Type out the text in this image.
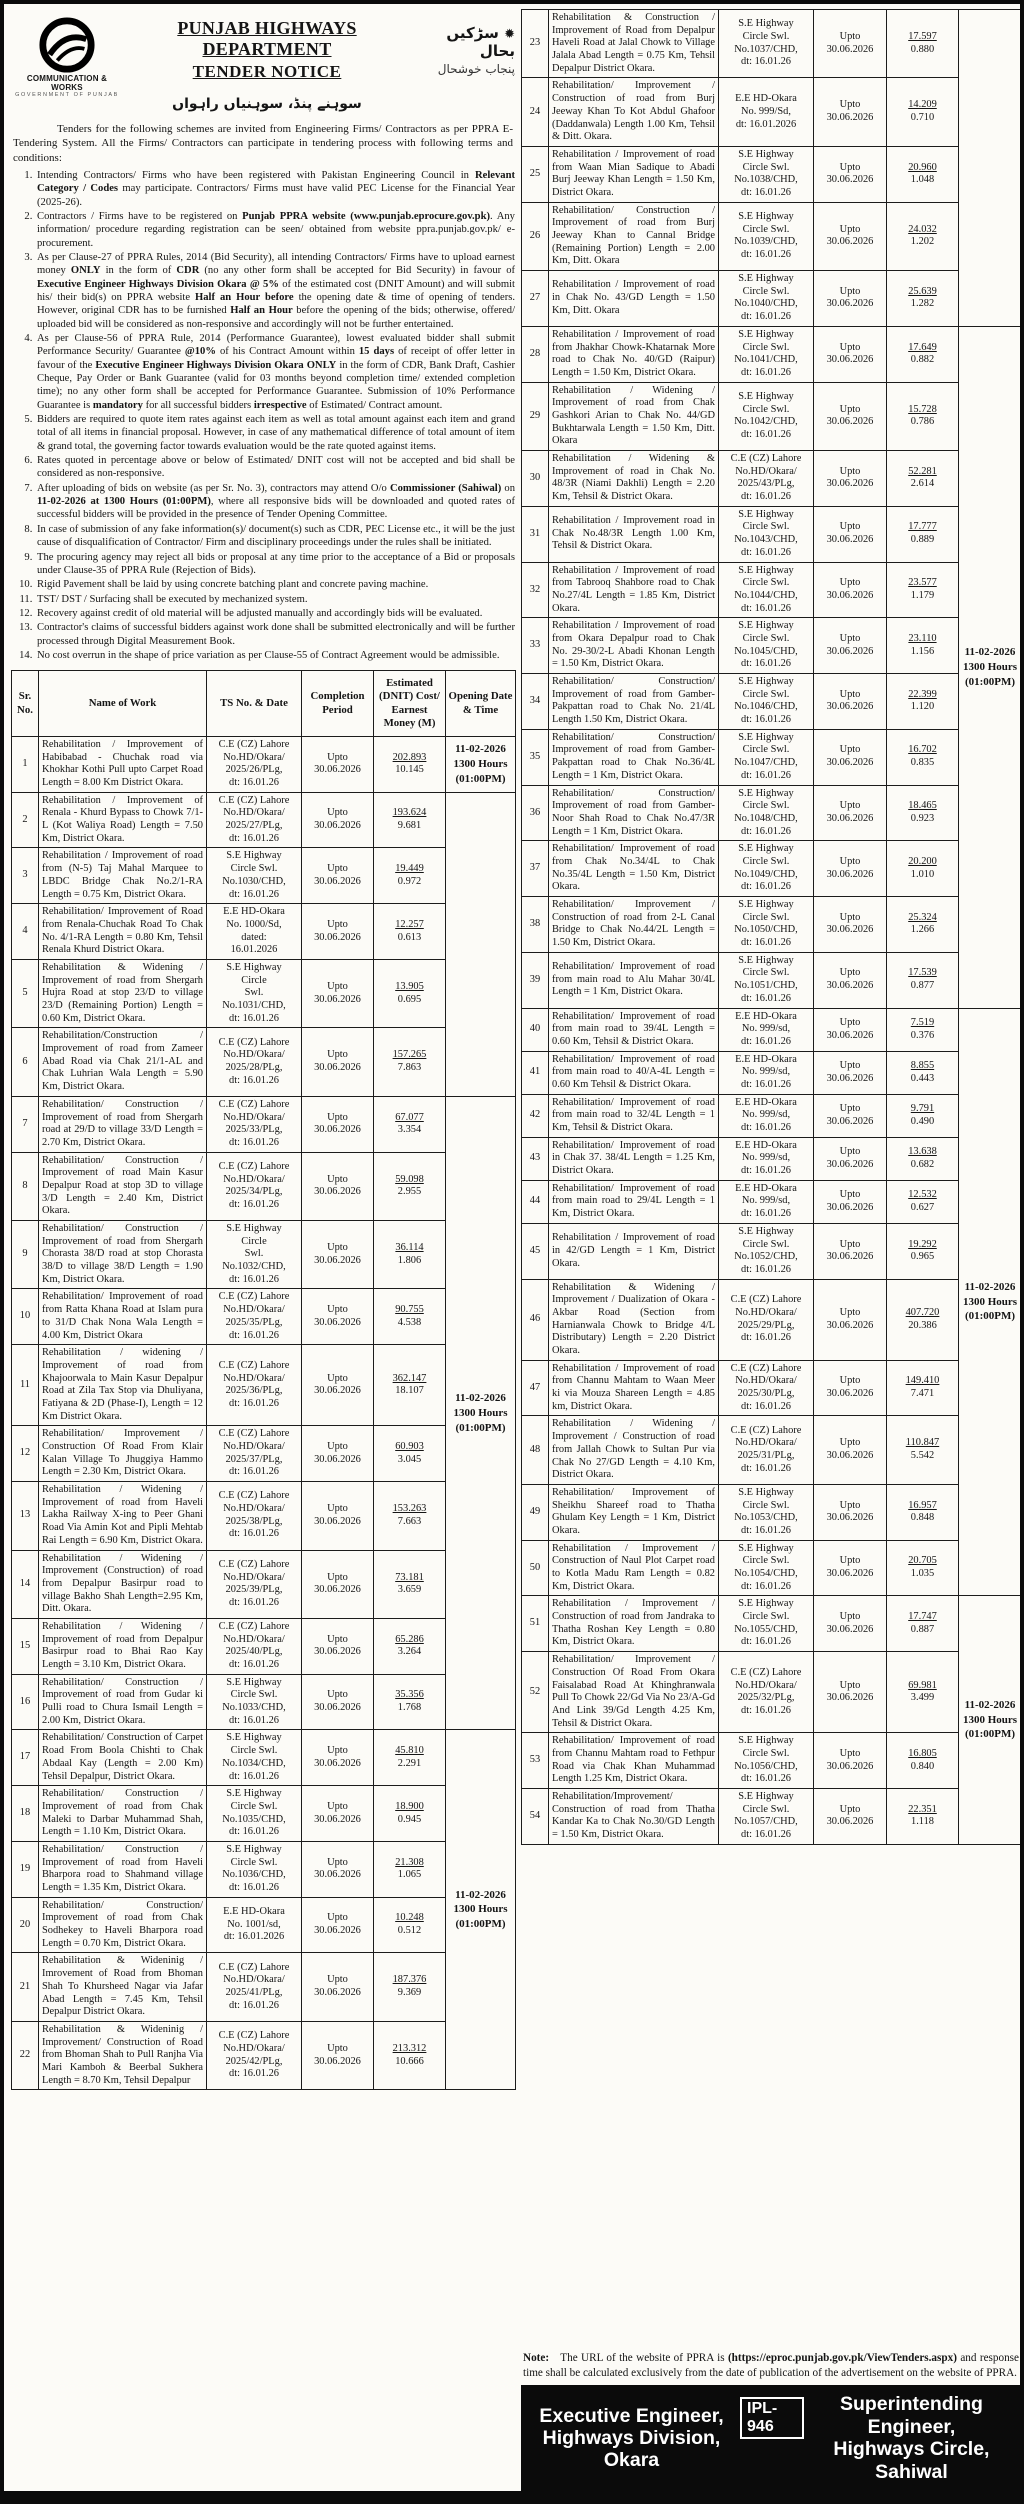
COMMUNICATION & WORKS
GOVERNMENT OF PUNJAB
PUNJAB HIGHWAYS DEPARTMENT
TENDER NOTICE
سوہنے پنڈ، سوہنیاں راہواں
✹ سڑکیں بحال
پنجاب خوشحال

Tenders for the following schemes are invited from Engineering Firms/ Contractors as per PPRA E-Tendering System. All the Firms/ Contractors can participate in tendering process with following terms and conditions:

1. Intending Contractors/ Firms who have been registered with Pakistan Engineering Council in Relevant Category / Codes may participate. Contractors/ Firms must have valid PEC License for the Financial Year (2025-26).
2. Contractors / Firms have to be registered on Punjab PPRA website (www.punjab.eprocure.gov.pk). Any information/ procedure regarding registration can be seen/ obtained from website ppra.punjab.gov.pk/ e-procurement.
3. As per Clause-27 of PPRA Rules, 2014 (Bid Security), all intending Contractors/ Firms have to upload earnest money ONLY in the form of CDR (no any other form shall be accepted for Bid Security) in favour of Executive Engineer Highways Division Okara @ 5% of the estimated cost (DNIT Amount) and will submit his/ their bid(s) on PPRA website Half an Hour before the opening date & time of opening of tenders. However, original CDR has to be furnished Half an Hour before the opening of the bids; otherwise, offered/ uploaded bid will be considered as non-responsive and accordingly will not be further entertained.
4. As per Clause-56 of PPRA Rule, 2014 (Performance Guarantee), lowest evaluated bidder shall submit Performance Security/ Guarantee @10% of his Contract Amount within 15 days of receipt of offer letter in favour of the Executive Engineer Highways Division Okara ONLY in the form of CDR, Bank Draft, Cashier Cheque, Pay Order or Bank Guarantee (valid for 03 months beyond completion time/ extended completion time); no any other form shall be accepted for Performance Guarantee. Submission of 10% Performance Guarantee is mandatory for all successful bidders irrespective of Estimated/ Contract amount.
5. Bidders are required to quote item rates against each item as well as total amount against each item and grand total of all items in financial proposal. However, in case of any mathematical difference of total amount of item & grand total, the governing factor towards evaluation would be the rate quoted against items.
6. Rates quoted in percentage above or below of Estimated/ DNIT cost will not be accepted and bid shall be considered as non-responsive.
7. After uploading of bids on website (as per Sr. No. 3), contractors may attend O/o Commissioner (Sahiwal) on 11-02-2026 at 1300 Hours (01:00PM), where all responsive bids will be downloaded and quoted rates of successful bidders will be provided in the presence of Tender Opening Committee.
8. In case of submission of any fake information(s)/ document(s) such as CDR, PEC License etc., it will be the just cause of disqualification of Contractor/ Firm and disciplinary proceedings under the rules shall be initiated.
9. The procuring agency may reject all bids or proposal at any time prior to the acceptance of a Bid or proposals under Clause-35 of PPRA Rule (Rejection of Bids).
10. Rigid Pavement shall be laid by using concrete batching plant and concrete paving machine.
11. TST/ DST / Surfacing shall be executed by mechanized system.
12. Recovery against credit of old material will be adjusted manually and accordingly bids will be evaluated.
13. Contractor's claims of successful bidders against work done shall be submitted electronically and will be further processed through Digital Measurement Book.
14. No cost overrun in the shape of price variation as per Clause-55 of Contract Agreement would be admissible.
Sr. No.	Name of Work	TS No. & Date	Completion Period	Estimated (DNIT) Cost/ Earnest Money (M)	Opening Date & Time
1	Rehabilitation / Improvement of Habibabad - Chuchak road via Khokhar Kothi Pull upto Carpet Road Length = 8.00 Km District Okara.	C.E (CZ) Lahore
No.HD/Okara/
2025/26/PLg,
dt: 16.01.26	Upto
30.06.2026	202.893
10.145	11-02-2026
1300 Hours
(01:00PM)
2	Rehabilitation / Improvement of Renala - Khurd Bypass to Chowk 7/1-L (Kot Waliya Road) Length = 7.50 Km, District Okara.	C.E (CZ) Lahore
No.HD/Okara/
2025/27/PLg,
dt: 16.01.26	Upto
30.06.2026	193.624
9.681	
3	Rehabilitation / Improvement of road from (N-5) Taj Mahal Marquee to LBDC Bridge Chak No.2/1-RA Length = 0.75 Km, District Okara.	S.E Highway
Circle Swl.
No.1030/CHD,
dt: 16.01.26	Upto
30.06.2026	19.449
0.972	
4	Rehabilitation/ Improvement of Road from Renala-Chuchak Road To Chak No. 4/1-RA Length = 0.80 Km, Tehsil Renala Khurd District Okara.	E.E HD-Okara
No. 1000/Sd,
dated:
16.01.2026	Upto
30.06.2026	12.257
0.613	
5	Rehabilitation & Widening / Improvement of road from Shergarh Hujra Road at stop 23/D to village 23/D (Remaining Portion) Length = 0.60 Km, District Okara.	S.E Highway
Circle
Swl.
No.1031/CHD,
dt: 16.01.26	Upto
30.06.2026	13.905
0.695	
6	Rehabilitation/Construction / Improvement of road from Zameer Abad Road via Chak 21/1-AL and Chak Luhrian Wala Length = 5.90 Km, District Okara.	C.E (CZ) Lahore
No.HD/Okara/
2025/28/PLg,
dt: 16.01.26	Upto
30.06.2026	157.265
7.863	
7	Rehabilitation/ Construction / Improvement of road from Shergarh road at 29/D to village 33/D Length = 2.70 Km, District Okara.	C.E (CZ) Lahore
No.HD/Okara/
2025/33/PLg,
dt: 16.01.26	Upto
30.06.2026	67.077
3.354	11-02-2026
1300 Hours
(01:00PM)
8	Rehabilitation/ Construction / Improvement of road Main Kasur Depalpur Road at stop 3D to village 3/D Length = 2.40 Km, District Okara.	C.E (CZ) Lahore
No.HD/Okara/
2025/34/PLg,
dt: 16.01.26	Upto
30.06.2026	59.098
2.955	
9	Rehabilitation/ Construction / Improvement of road from Shergarh Chorasta 38/D road at stop Chorasta 38/D to village 38/D Length = 1.90 Km, District Okara.	S.E Highway
Circle
Swl.
No.1032/CHD,
dt: 16.01.26	Upto
30.06.2026	36.114
1.806	
10	Rehabilitation/ Improvement of road from Ratta Khana Road at Islam pura to 31/D Chak Nona Wala Length = 4.00 Km, District Okara	C.E (CZ) Lahore
No.HD/Okara/
2025/35/PLg,
dt: 16.01.26	Upto
30.06.2026	90.755
4.538	
11	Rehabilitation / widening / Improvement of road from Khajoorwala to Main Kasur Depalpur Road at Zila Tax Stop via Dhuliyana, Fatiyana & 2D (Phase-I), Length = 12 Km District Okara.	C.E (CZ) Lahore
No.HD/Okara/
2025/36/PLg,
dt: 16.01.26	Upto
30.06.2026	362.147
18.107	
12	Rehabilitation/ Improvement / Construction Of Road From Klair Kalan Village To Jhuggiya Hammo Length = 2.30 Km, District Okara.	C.E (CZ) Lahore
No.HD/Okara/
2025/37/PLg,
dt: 16.01.26	Upto
30.06.2026	60.903
3.045	
13	Rehabilitation / Widening / Improvement of road from Haveli Lakha Railway X-ing to Peer Ghani Road Via Amin Kot and Pipli Mehtab Rai Length = 6.90 Km, District Okara.	C.E (CZ) Lahore
No.HD/Okara/
2025/38/PLg,
dt: 16.01.26	Upto
30.06.2026	153.263
7.663	
14	Rehabilitation / Widening / Improvement (Construction) of road from Depalpur Basirpur road to village Bakho Shah Length=2.95 Km, Ditt. Okara.	C.E (CZ) Lahore
No.HD/Okara/
2025/39/PLg,
dt: 16.01.26	Upto
30.06.2026	73.181
3.659	
15	Rehabilitation / Widening / Improvement of road from Depalpur Basirpur road to Bhai Rao Kay Length = 3.10 Km, District Okara.	C.E (CZ) Lahore
No.HD/Okara/
2025/40/PLg,
dt: 16.01.26	Upto
30.06.2026	65.286
3.264	
16	Rehabilitation/ Construction / Improvement of road from Gudar ki Pulli road to Chura Ismail Length = 2.00 Km, District Okara.	S.E Highway
Circle Swl.
No.1033/CHD,
dt: 16.01.26	Upto
30.06.2026	35.356
1.768	
17	Rehabilitation/ Construction of Carpet Road From Boola Chishti to Chak Abdaal Kay (Length = 2.00 Km) Tehsil Depalpur, District Okara.	S.E Highway
Circle Swl.
No.1034/CHD,
dt: 16.01.26	Upto
30.06.2026	45.810
2.291	11-02-2026
1300 Hours
(01:00PM)
18	Rehabilitation/ Construction / Improvement of road from Chak Maleki to Darbar Muhammad Shah, Length = 1.10 Km, District Okara.	S.E Highway
Circle Swl.
No.1035/CHD,
dt: 16.01.26	Upto
30.06.2026	18.900
0.945	
19	Rehabilitation/ Construction / Improvement of road from Haveli Bharpora road to Shahmand village Length = 1.35 Km, District Okara.	S.E Highway
Circle Swl.
No.1036/CHD,
dt: 16.01.26	Upto
30.06.2026	21.308
1.065	
20	Rehabilitation/ Construction/ Improvement of road from Chak Sodhekey to Haveli Bharpora road Length = 0.70 Km, District Okara.	E.E HD-Okara
No. 1001/sd,
dt: 16.01.2026	Upto
30.06.2026	10.248
0.512	
21	Rehabilitation & Wideninig / Imrovement of Road from Bhoman Shah To Khursheed Nagar via Jafar Abad Length = 7.45 Km, Tehsil Depalpur District Okara.	C.E (CZ) Lahore
No.HD/Okara/
2025/41/PLg,
dt: 16.01.26	Upto
30.06.2026	187.376
9.369	
22	Rehabilitation & Wideninig / Improvement/ Construction of Road from Bhoman Shah to Pull Ranjha Via Mari Kamboh & Beerbal Sukhera Length = 8.70 Km, Tehsil Depalpur	C.E (CZ) Lahore
No.HD/Okara/
2025/42/PLg,
dt: 16.01.26	Upto
30.06.2026	213.312
10.666	
23	Rehabilitation & Construction / Improvement of Road from Depalpur Haveli Road at Jalal Chowk to Village Jalala Abad Length = 0.75 Km, Tehsil Depalpur District Okara.	S.E Highway
Circle Swl.
No.1037/CHD,
dt: 16.01.26	Upto
30.06.2026	17.597
0.880	
24	Rehabilitation/ Improvement / Construction of road from Burj Jeeway Khan To Kot Abdul Ghafoor (Daddanwala) Length 1.00 Km, Tehsil & Ditt. Okara.	E.E HD-Okara
No. 999/Sd,
dt: 16.01.2026	Upto
30.06.2026	14.209
0.710	
25	Rehabilitation / Improvement of road from Waan Mian Sadique to Abadi Burj Jeeway Khan Length = 1.50 Km, District Okara.	S.E Highway
Circle Swl.
No.1038/CHD,
dt: 16.01.26	Upto
30.06.2026	20.960
1.048	
26	Rehabilitation/ Construction / Improvement of road from Burj Jeeway Khan to Cannal Bridge (Remaining Portion) Length = 2.00 Km, Ditt. Okara	S.E Highway
Circle Swl.
No.1039/CHD,
dt: 16.01.26	Upto
30.06.2026	24.032
1.202	
27	Rehabilitation / Improvement of road in Chak No. 43/GD Length = 1.50 Km, Ditt. Okara	S.E Highway
Circle Swl.
No.1040/CHD,
dt: 16.01.26	Upto
30.06.2026	25.639
1.282	
28	Rehabilitation / Improvement of road from Jhakhar Chowk-Khatarnak More road to Chak No. 40/GD (Raipur) Length = 1.50 Km, District Okara.	S.E Highway
Circle Swl.
No.1041/CHD,
dt: 16.01.26	Upto
30.06.2026	17.649
0.882	11-02-2026
1300 Hours
(01:00PM)
29	Rehabilitation / Widening / Improvement of road from Chak Gashkori Arian to Chak No. 44/GD Bukhtarwala Length = 1.50 Km, Ditt. Okara	S.E Highway
Circle Swl.
No.1042/CHD,
dt: 16.01.26	Upto
30.06.2026	15.728
0.786	
30	Rehabilitation / Widening & Improvement of road in Chak No. 48/3R (Niami Dakhli) Length = 2.20 Km, Tehsil & District Okara.	C.E (CZ) Lahore
No.HD/Okara/
2025/43/PLg,
dt: 16.01.26	Upto
30.06.2026	52.281
2.614	
31	Rehabilitation / Improvement road in Chak No.48/3R Length 1.00 Km, Tehsil & District Okara.	S.E Highway
Circle Swl.
No.1043/CHD,
dt: 16.01.26	Upto
30.06.2026	17.777
0.889	
32	Rehabilitation / Improvement of road from Tabrooq Shahbore road to Chak No.27/4L Length = 1.85 Km, District Okara.	S.E Highway
Circle Swl.
No.1044/CHD,
dt: 16.01.26	Upto
30.06.2026	23.577
1.179	
33	Rehabilitation / Improvement of road from Okara Depalpur road to Chak No. 29-30/2-L Abadi Khonan Length = 1.50 Km, District Okara.	S.E Highway
Circle Swl.
No.1045/CHD,
dt: 16.01.26	Upto
30.06.2026	23.110
1.156	
34	Rehabilitation/ Construction/ Improvement of road from Gamber-Pakpattan road to Chak No. 21/4L Length 1.50 Km, District Okara.	S.E Highway
Circle Swl.
No.1046/CHD,
dt: 16.01.26	Upto
30.06.2026	22.399
1.120	
35	Rehabilitation/ Construction/ Improvement of road from Gamber-Pakpattan road to Chak No.36/4L Length = 1 Km, District Okara.	S.E Highway
Circle Swl.
No.1047/CHD,
dt: 16.01.26	Upto
30.06.2026	16.702
0.835	
36	Rehabilitation/ Construction/ Improvement of road from Gamber-Noor Shah Road to Chak No.47/3R Length = 1 Km, District Okara.	S.E Highway
Circle Swl.
No.1048/CHD,
dt: 16.01.26	Upto
30.06.2026	18.465
0.923	
37	Rehabilitation/ Improvement of road from Chak No.34/4L to Chak No.35/4L Length = 1.50 Km, District Okara.	S.E Highway
Circle Swl.
No.1049/CHD,
dt: 16.01.26	Upto
30.06.2026	20.200
1.010	
38	Rehabilitation/ Improvement / Construction of road from 2-L Canal Bridge to Chak No.44/2L Length = 1.50 Km, District Okara.	S.E Highway
Circle Swl.
No.1050/CHD,
dt: 16.01.26	Upto
30.06.2026	25.324
1.266	
39	Rehabilitation/ Improvement of road from main road to Alu Mahar 30/4L Length = 1 Km, District Okara.	S.E Highway
Circle Swl.
No.1051/CHD,
dt: 16.01.26	Upto
30.06.2026	17.539
0.877	
40	Rehabilitation/ Improvement of road from main road to 39/4L Length = 0.60 Km, Tehsil & District Okara.	E.E HD-Okara
No. 999/sd,
dt: 16.01.26	Upto
30.06.2026	7.519
0.376	11-02-2026
1300 Hours
(01:00PM)
41	Rehabilitation/ Improvement of road from main road to 40/A-4L Length = 0.60 Km Tehsil & District Okara.	E.E HD-Okara
No. 999/sd,
dt: 16.01.26	Upto
30.06.2026	8.855
0.443	
42	Rehabilitation/ Improvement of road from main road to 32/4L Length = 1 Km, Tehsil & District Okara.	E.E HD-Okara
No. 999/sd,
dt: 16.01.26	Upto
30.06.2026	9.791
0.490	
43	Rehabilitation/ Improvement of road in Chak 37. 38/4L Length = 1.25 Km, District Okara.	E.E HD-Okara
No. 999/sd,
dt: 16.01.26	Upto
30.06.2026	13.638
0.682	
44	Rehabilitation/ Improvement of road from main road to 29/4L Length = 1 Km, District Okara.	E.E HD-Okara
No. 999/sd,
dt: 16.01.26	Upto
30.06.2026	12.532
0.627	
45	Rehabilitation / Improvement of road in 42/GD Length = 1 Km, District Okara.	S.E Highway
Circle Swl.
No.1052/CHD,
dt: 16.01.26	Upto
30.06.2026	19.292
0.965	
46	Rehabilitation & Widening / Improvement / Dualization of Okara - Akbar Road (Section from Harnianwala Chowk to Bridge 4/L Distributary) Length = 2.20 District Okara.	C.E (CZ) Lahore
No.HD/Okara/
2025/29/PLg,
dt: 16.01.26	Upto
30.06.2026	407.720
20.386	
47	Rehabilitation / Improvement of road from Channu Mahtam to Waan Meer ki via Mouza Shareen Length = 4.85 km, District Okara.	C.E (CZ) Lahore
No.HD/Okara/
2025/30/PLg,
dt: 16.01.26	Upto
30.06.2026	149.410
7.471	
48	Rehabilitation / Widening / Improvement / Construction of road from Jallah Chowk to Sultan Pur via Chak No 27/GD Length = 4.10 Km, District Okara.	C.E (CZ) Lahore
No.HD/Okara/
2025/31/PLg,
dt: 16.01.26	Upto
30.06.2026	110.847
5.542	
49	Rehabilitation/ Improvement of Sheikhu Shareef road to Thatha Ghulam Key Length = 1 Km, District Okara.	S.E Highway
Circle Swl.
No.1053/CHD,
dt: 16.01.26	Upto
30.06.2026	16.957
0.848	
50	Rehabilitation / Improvement / Construction of Naul Plot Carpet road to Kotla Madu Ram Length = 0.82 Km, District Okara.	S.E Highway
Circle Swl.
No.1054/CHD,
dt: 16.01.26	Upto
30.06.2026	20.705
1.035	
51	Rehabilitation / Improvement / Construction of road from Jandraka to Thatha Roshan Key Length = 0.80 Km, District Okara.	S.E Highway
Circle Swl.
No.1055/CHD,
dt: 16.01.26	Upto
30.06.2026	17.747
0.887	11-02-2026
1300 Hours
(01:00PM)
52	Rehabilitation/ Improvement / Construction Of Road From Okara Faisalabad Road At Khinghranwala Pull To Chowk 22/Gd Via No 23/A-Gd And Link 39/Gd Length 4.25 Km, Tehsil & District Okara.	C.E (CZ) Lahore
No.HD/Okara/
2025/32/PLg,
dt: 16.01.26	Upto
30.06.2026	69.981
3.499	
53	Rehabilitation/ Improvement of road from Channu Mahtam road to Fethpur Road via Chak Khan Muhammad Length 1.25 Km, District Okara.	S.E Highway
Circle Swl.
No.1056/CHD,
dt: 16.01.26	Upto
30.06.2026	16.805
0.840	
54	Rehabilitation/Improvement/ Construction of road from Thatha Kandar Ka to Chak No.30/GD Length = 1.50 Km, District Okara.	S.E Highway
Circle Swl.
No.1057/CHD,
dt: 16.01.26	Upto
30.06.2026	22.351
1.118	
Note: The URL of the website of PPRA is (https://eproc.punjab.gov.pk/ViewTenders.aspx) and response time shall be calculated exclusively from the date of publication of the advertisement on the website of PPRA.
Executive Engineer,
Highways Division, Okara
IPL-946
Superintending Engineer,
Highways Circle, Sahiwal
